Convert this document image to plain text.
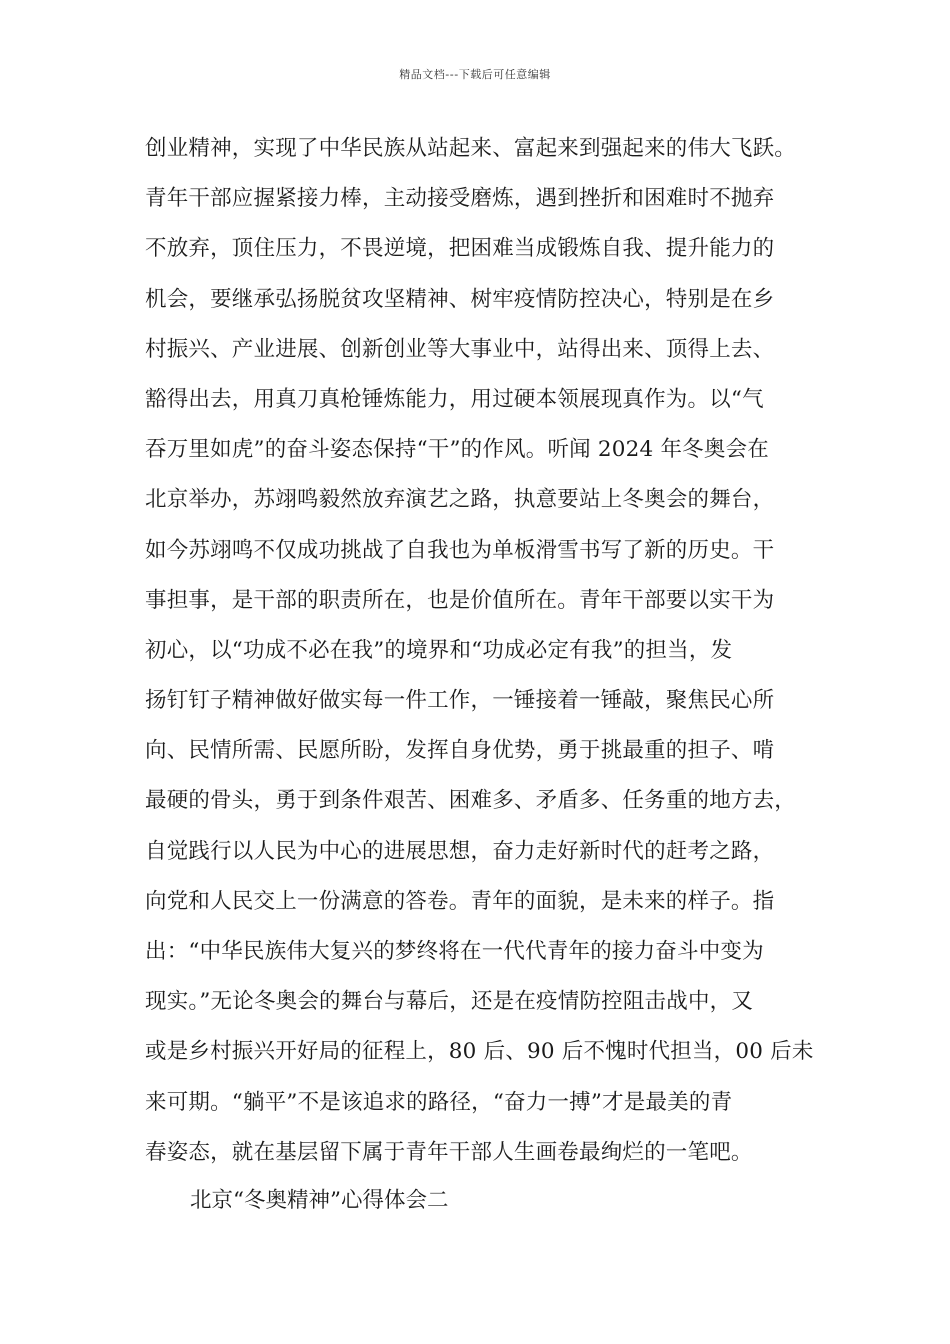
精品文档---下载后可任意编辑
创业精神，实现了中华民族从站起来、富起来到强起来的伟大飞跃。
青年干部应握紧接力棒，主动接受磨炼，遇到挫折和困难时不抛弃
不放弃，顶住压力，不畏逆境，把困难当成锻炼自我、提升能力的
机会，要继承弘扬脱贫攻坚精神、树牢疫情防控决心，特别是在乡
村振兴、产业进展、创新创业等大事业中，站得出来、顶得上去、
豁得出去，用真刀真枪锤炼能力，用过硬本领展现真作为。以“气
吞万里如虎”的奋斗姿态保持“干”的作风。听闻 2024 年冬奥会在
北京举办，苏翊鸣毅然放弃演艺之路，执意要站上冬奥会的舞台，
如今苏翊鸣不仅成功挑战了自我也为单板滑雪书写了新的历史。干
事担事，是干部的职责所在，也是价值所在。青年干部要以实干为
初心，以“功成不必在我”的境界和“功成必定有我”的担当，发
扬钉钉子精神做好做实每一件工作，一锤接着一锤敲，聚焦民心所
向、民情所需、民愿所盼，发挥自身优势，勇于挑最重的担子、啃
最硬的骨头，勇于到条件艰苦、困难多、矛盾多、任务重的地方去，
自觉践行以人民为中心的进展思想，奋力走好新时代的赶考之路，
向党和人民交上一份满意的答卷。青年的面貌，是未来的样子。指
出：“中华民族伟大复兴的梦终将在一代代青年的接力奋斗中变为
现实。”无论冬奥会的舞台与幕后，还是在疫情防控阻击战中，又
或是乡村振兴开好局的征程上，80 后、90 后不愧时代担当，00 后未
来可期。“躺平”不是该追求的路径，“奋力一搏”才是最美的青
春姿态，就在基层留下属于青年干部人生画卷最绚烂的一笔吧。
北京“冬奥精神”心得体会二
